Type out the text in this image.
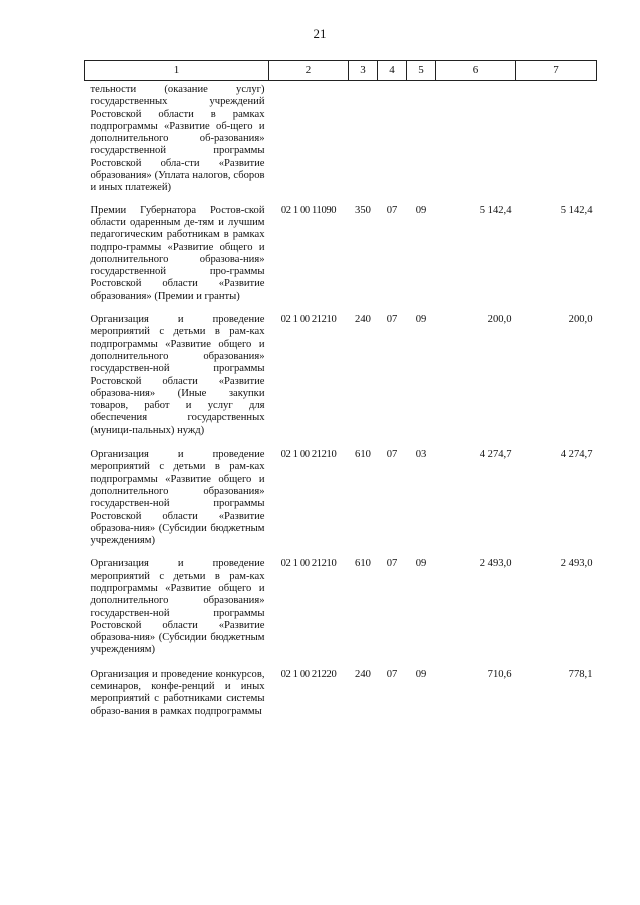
21
1	2	3	4	5	6	7
тельности (оказание услуг) государственных учреждений Ростовской области в рамках подпрограммы «Развитие об-щего и дополнительного об-разования» государственной программы Ростовской обла-сти «Развитие образования» (Уплата налогов, сборов и иных платежей)						
Премии Губернатора Ростов-ской области одаренным де-тям и лучшим педагогическим работникам в рамках подпро-граммы «Развитие общего и дополнительного образова-ния» государственной про-граммы Ростовской области «Развитие образования» (Премии и гранты)	02 1 00 11090	350	07	09	5 142,4	5 142,4
Организация и проведение мероприятий с детьми в рам-ках подпрограммы «Развитие общего и дополнительного образования» государствен-ной программы Ростовской области «Развитие образова-ния» (Иные закупки товаров, работ и услуг для обеспечения государственных (муници-пальных) нужд)	02 1 00 21210	240	07	09	200,0	200,0
Организация и проведение мероприятий с детьми в рам-ках подпрограммы «Развитие общего и дополнительного образования» государствен-ной программы Ростовской области «Развитие образова-ния» (Субсидии бюджетным учреждениям)	02 1 00 21210	610	07	03	4 274,7	4 274,7
Организация и проведение мероприятий с детьми в рам-ках подпрограммы «Развитие общего и дополнительного образования» государствен-ной программы Ростовской области «Развитие образова-ния» (Субсидии бюджетным учреждениям)	02 1 00 21210	610	07	09	2 493,0	2 493,0
Организация и проведение конкурсов, семинаров, конфе-ренций и иных мероприятий с работниками системы образо-вания в рамках подпрограммы	02 1 00 21220	240	07	09	710,6	778,1
